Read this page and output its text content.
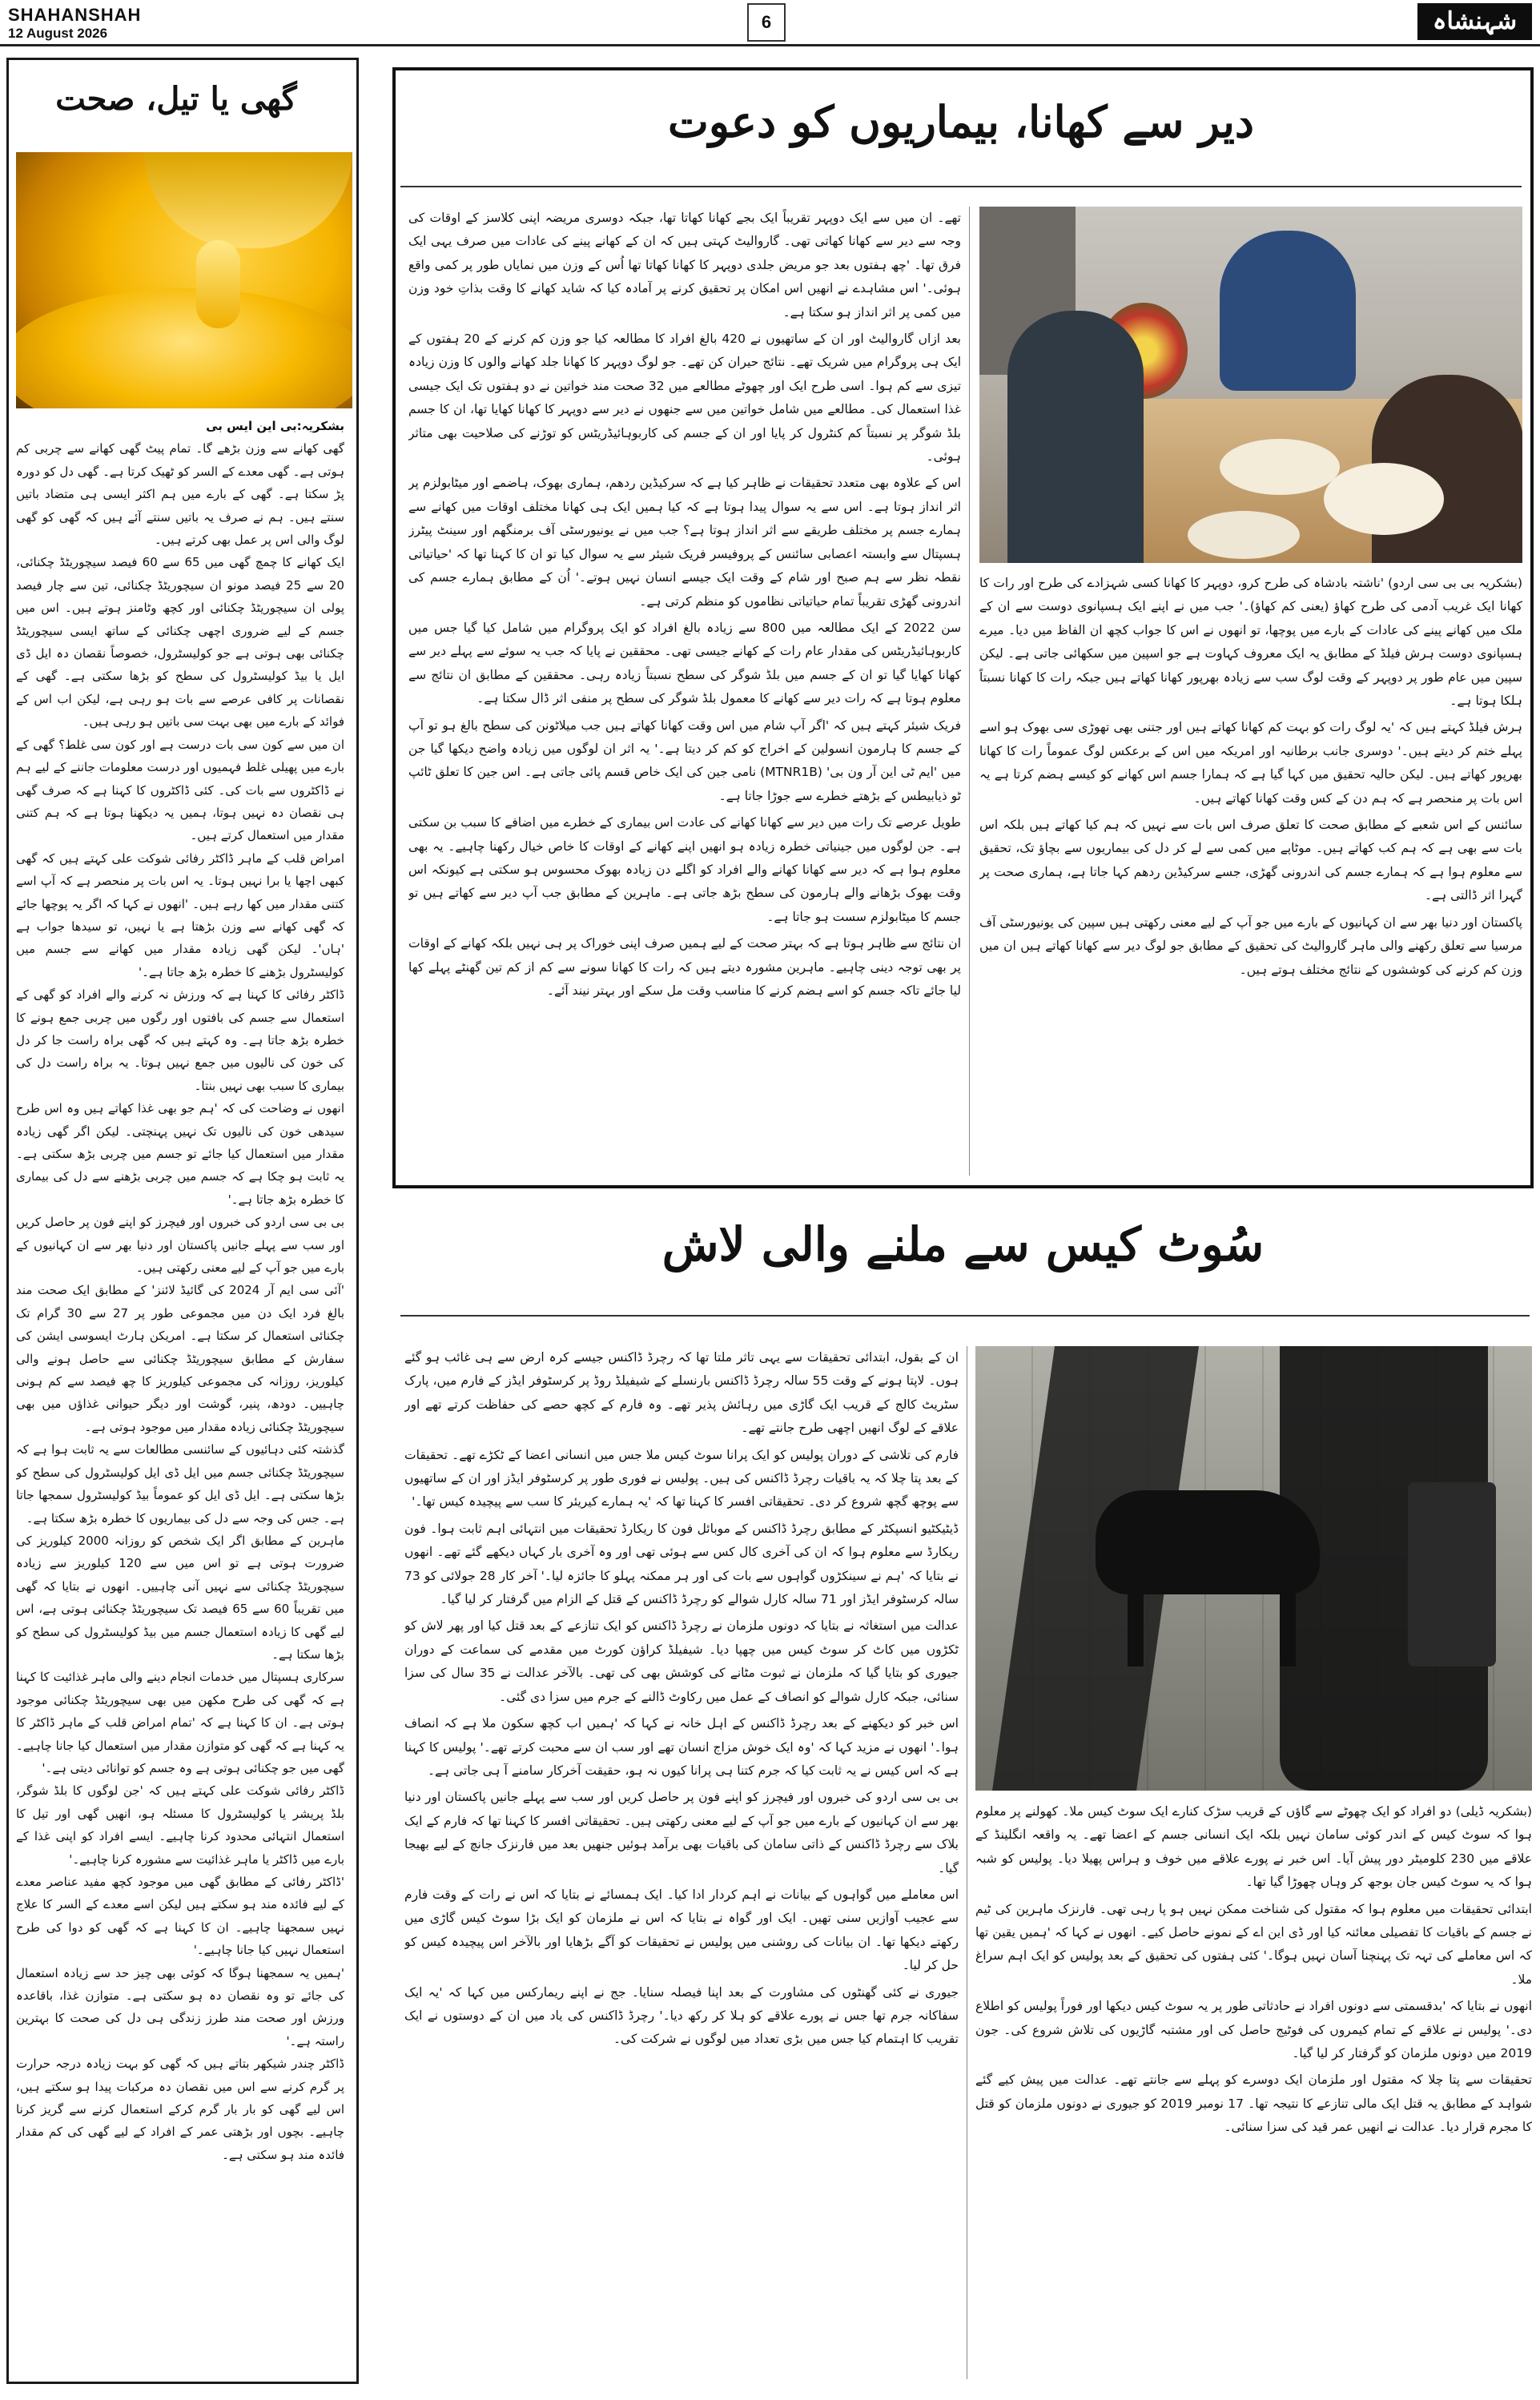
SHAHANSHAH
12 August 2026
6	شہنشاہ
گھی یا تیل، صحت

بشکریہ:بی این ایس بی

گھی کھانے سے وزن بڑھے گا۔ تمام پیٹ گھی کھانے سے چربی کم ہوتی ہے۔ گھی معدے کے السر کو ٹھیک کرتا ہے۔ گھی دل کو دورہ پڑ سکتا ہے۔ گھی کے بارے میں ہم اکثر ایسی ہی متضاد باتیں سنتے ہیں۔ ہم نے صرف یہ باتیں سنتے آئے ہیں کہ گھی کو گھی لوگ والی اس پر عمل بھی کرتے ہیں۔

ایک کھانے کا چمچ گھی میں 65 سے 60 فیصد سیچوریٹڈ چکنائی، 20 سے 25 فیصد مونو ان سیچوریٹڈ چکنائی، تین سے چار فیصد پولی ان سیچوریٹڈ چکنائی اور کچھ وٹامنز ہوتے ہیں۔ اس میں جسم کے لیے ضروری اچھی چکنائی کے ساتھ ایسی سیچوریٹڈ چکنائی بھی ہوتی ہے جو کولیسٹرول، خصوصاً نقصان دہ ایل ڈی ایل یا بیڈ کولیسٹرول کی سطح کو بڑھا سکتی ہے۔ گھی کے نقصانات پر کافی عرصے سے بات ہو رہی ہے، لیکن اب اس کے فوائد کے بارے میں بھی بہت سی باتیں ہو رہی ہیں۔

ان میں سے کون سی بات درست ہے اور کون سی غلط؟ گھی کے بارے میں پھیلی غلط فہمیوں اور درست معلومات جاننے کے لیے ہم نے ڈاکٹروں سے بات کی۔ کئی ڈاکٹروں کا کہنا ہے کہ صرف گھی ہی نقصان دہ نہیں ہوتا، ہمیں یہ دیکھنا ہوتا ہے کہ ہم کتنی مقدار میں استعمال کرتے ہیں۔

امراض قلب کے ماہر ڈاکٹر رفائی شوکت علی کہتے ہیں کہ گھی کبھی اچھا یا برا نہیں ہوتا۔ یہ اس بات پر منحصر ہے کہ آپ اسے کتنی مقدار میں کھا رہے ہیں۔ 'انھوں نے کہا کہ اگر یہ پوچھا جائے کہ گھی کھانے سے وزن بڑھتا ہے یا نہیں، تو سیدھا جواب ہے 'ہاں'۔ لیکن گھی زیادہ مقدار میں کھانے سے جسم میں کولیسٹرول بڑھنے کا خطرہ بڑھ جاتا ہے۔'

ڈاکٹر رفائی کا کہنا ہے کہ ورزش نہ کرنے والے افراد کو گھی کے استعمال سے جسم کی بافتوں اور رگوں میں چربی جمع ہونے کا خطرہ بڑھ جاتا ہے۔ وہ کہتے ہیں کہ گھی براہ راست جا کر دل کی خون کی نالیوں میں جمع نہیں ہوتا۔ یہ براہ راست دل کی بیماری کا سبب بھی نہیں بنتا۔

انھوں نے وضاحت کی کہ 'ہم جو بھی غذا کھاتے ہیں وہ اس طرح سیدھی خون کی نالیوں تک نہیں پہنچتی۔ لیکن اگر گھی زیادہ مقدار میں استعمال کیا جائے تو جسم میں چربی بڑھ سکتی ہے۔ یہ ثابت ہو چکا ہے کہ جسم میں چربی بڑھنے سے دل کی بیماری کا خطرہ بڑھ جاتا ہے۔'

بی بی سی اردو کی خبروں اور فیچرز کو اپنے فون پر حاصل کریں اور سب سے پہلے جانیں پاکستان اور دنیا بھر سے ان کہانیوں کے بارے میں جو آپ کے لیے معنی رکھتی ہیں۔

'آئی سی ایم آر 2024 کی گائیڈ لائنز' کے مطابق ایک صحت مند بالغ فرد ایک دن میں مجموعی طور پر 27 سے 30 گرام تک چکنائی استعمال کر سکتا ہے۔ امریکن ہارٹ ایسوسی ایشن کی سفارش کے مطابق سیچوریٹڈ چکنائی سے حاصل ہونے والی کیلوریز، روزانہ کی مجموعی کیلوریز کا چھ فیصد سے کم ہونی چاہییں۔ دودھ، پنیر، گوشت اور دیگر حیوانی غذاؤں میں بھی سیچوریٹڈ چکنائی زیادہ مقدار میں موجود ہوتی ہے۔

گذشتہ کئی دہائیوں کے سائنسی مطالعات سے یہ ثابت ہوا ہے کہ سیچوریٹڈ چکنائی جسم میں ایل ڈی ایل کولیسٹرول کی سطح کو بڑھا سکتی ہے۔ ایل ڈی ایل کو عموماً بیڈ کولیسٹرول سمجھا جاتا ہے۔ جس کی وجہ سے دل کی بیماریوں کا خطرہ بڑھ سکتا ہے۔

ماہرین کے مطابق اگر ایک شخص کو روزانہ 2000 کیلوریز کی ضرورت ہوتی ہے تو اس میں سے 120 کیلوریز سے زیادہ سیچوریٹڈ چکنائی سے نہیں آنی چاہییں۔ انھوں نے بتایا کہ گھی میں تقریباً 60 سے 65 فیصد تک سیچوریٹڈ چکنائی ہوتی ہے، اس لیے گھی کا زیادہ استعمال جسم میں بیڈ کولیسٹرول کی سطح کو بڑھا سکتا ہے۔

سرکاری ہسپتال میں خدمات انجام دینے والی ماہر غذائیت کا کہنا ہے کہ گھی کی طرح مکھن میں بھی سیچوریٹڈ چکنائی موجود ہوتی ہے۔ ان کا کہنا ہے کہ 'تمام امراض قلب کے ماہر ڈاکٹر کا یہ کہنا ہے کہ گھی کو متوازن مقدار میں استعمال کیا جانا چاہیے۔ گھی میں جو چکنائی ہوتی ہے وہ جسم کو توانائی دیتی ہے۔'

ڈاکٹر رفائی شوکت علی کہتے ہیں کہ 'جن لوگوں کا بلڈ شوگر، بلڈ پریشر یا کولیسٹرول کا مسئلہ ہو، انھیں گھی اور تیل کا استعمال انتہائی محدود کرنا چاہیے۔ ایسے افراد کو اپنی غذا کے بارے میں ڈاکٹر یا ماہر غذائیت سے مشورہ کرنا چاہیے۔'

'ڈاکٹر رفائی کے مطابق گھی میں موجود کچھ مفید عناصر معدے کے لیے فائدہ مند ہو سکتے ہیں لیکن اسے معدے کے السر کا علاج نہیں سمجھنا چاہیے۔ ان کا کہنا ہے کہ گھی کو دوا کی طرح استعمال نہیں کیا جانا چاہیے۔'

'ہمیں یہ سمجھنا ہوگا کہ کوئی بھی چیز حد سے زیادہ استعمال کی جائے تو وہ نقصان دہ ہو سکتی ہے۔ متوازن غذا، باقاعدہ ورزش اور صحت مند طرز زندگی ہی دل کی صحت کا بہترین راستہ ہے۔'

ڈاکٹر چندر شیکھر بتاتے ہیں کہ گھی کو بہت زیادہ درجہ حرارت پر گرم کرنے سے اس میں نقصان دہ مرکبات پیدا ہو سکتے ہیں، اس لیے گھی کو بار بار گرم کرکے استعمال کرنے سے گریز کرنا چاہیے۔ بچوں اور بڑھتی عمر کے افراد کے لیے گھی کی کم مقدار فائدہ مند ہو سکتی ہے۔

دیر سے کھانا، بیماریوں کو دعوت

(بشکریہ بی بی سی اردو) 'ناشتہ بادشاہ کی طرح کرو، دوپہر کا کھانا کسی شہزادے کی طرح اور رات کا کھانا ایک غریب آدمی کی طرح کھاؤ (یعنی کم کھاؤ)۔' جب میں نے اپنے ایک ہسپانوی دوست سے ان کے ملک میں کھانے پینے کی عادات کے بارے میں پوچھا، تو انھوں نے اس کا جواب کچھ ان الفاظ میں دیا۔ میرے ہسپانوی دوست ہرش فیلڈ کے مطابق یہ ایک معروف کہاوت ہے جو اسپین میں سکھائی جاتی ہے۔ لیکن سپین میں عام طور پر دوپہر کے وقت لوگ سب سے زیادہ بھرپور کھانا کھاتے ہیں جبکہ رات کا کھانا نسبتاً ہلکا ہوتا ہے۔

ہرش فیلڈ کہتے ہیں کہ 'یہ لوگ رات کو بہت کم کھانا کھاتے ہیں اور جتنی بھی تھوڑی سی بھوک ہو اسے پہلے ختم کر دیتے ہیں۔' دوسری جانب برطانیہ اور امریکہ میں اس کے برعکس لوگ عموماً رات کا کھانا بھرپور کھاتے ہیں۔ لیکن حالیہ تحقیق میں کہا گیا ہے کہ ہمارا جسم اس کھانے کو کیسے ہضم کرتا ہے یہ اس بات پر منحصر ہے کہ ہم دن کے کس وقت کھانا کھاتے ہیں۔

سائنس کے اس شعبے کے مطابق صحت کا تعلق صرف اس بات سے نہیں کہ ہم کیا کھاتے ہیں بلکہ اس بات سے بھی ہے کہ ہم کب کھاتے ہیں۔ موٹاپے میں کمی سے لے کر دل کی بیماریوں سے بچاؤ تک، تحقیق سے معلوم ہوا ہے کہ ہمارے جسم کی اندرونی گھڑی، جسے سرکیڈین ردھم کہا جاتا ہے، ہماری صحت پر گہرا اثر ڈالتی ہے۔

پاکستان اور دنیا بھر سے ان کہانیوں کے بارے میں جو آپ کے لیے معنی رکھتی ہیں سپین کی یونیورسٹی آف مرسیا سے تعلق رکھنے والی ماہر گاروالیٹ کی تحقیق کے مطابق جو لوگ دیر سے کھانا کھاتے ہیں ان میں وزن کم کرنے کی کوششوں کے نتائج مختلف ہوتے ہیں۔

تھے۔ ان میں سے ایک دوپہر تقریباً ایک بجے کھانا کھاتا تھا، جبکہ دوسری مریضہ اپنی کلاسز کے اوقات کی وجہ سے دیر سے کھانا کھاتی تھی۔ گاروالیٹ کہتی ہیں کہ ان کے کھانے پینے کی عادات میں صرف یہی ایک فرق تھا۔ 'چھ ہفتوں بعد جو مریض جلدی دوپہر کا کھانا کھاتا تھا اُس کے وزن میں نمایاں طور پر کمی واقع ہوئی۔' اس مشاہدے نے انھیں اس امکان پر تحقیق کرنے پر آمادہ کیا کہ شاید کھانے کا وقت بذاتِ خود وزن میں کمی پر اثر انداز ہو سکتا ہے۔

بعد ازاں گاروالیٹ اور ان کے ساتھیوں نے 420 بالغ افراد کا مطالعہ کیا جو وزن کم کرنے کے 20 ہفتوں کے ایک ہی پروگرام میں شریک تھے۔ نتائج حیران کن تھے۔ جو لوگ دوپہر کا کھانا جلد کھانے والوں کا وزن زیادہ تیزی سے کم ہوا۔ اسی طرح ایک اور چھوٹے مطالعے میں 32 صحت مند خواتین نے دو ہفتوں تک ایک جیسی غذا استعمال کی۔ مطالعے میں شامل خواتین میں سے جنھوں نے دیر سے دوپہر کا کھانا کھایا تھا، ان کا جسم بلڈ شوگر پر نسبتاً کم کنٹرول کر پایا اور ان کے جسم کی کاربوہائیڈریٹس کو توڑنے کی صلاحیت بھی متاثر ہوئی۔

اس کے علاوہ بھی متعدد تحقیقات نے ظاہر کیا ہے کہ سرکیڈین ردھم، ہماری بھوک، ہاضمے اور میٹابولزم پر اثر انداز ہوتا ہے۔ اس سے یہ سوال پیدا ہوتا ہے کہ کیا ہمیں ایک ہی کھانا مختلف اوقات میں کھانے سے ہمارے جسم پر مختلف طریقے سے اثر انداز ہوتا ہے؟ جب میں نے یونیورسٹی آف برمنگھم اور سینٹ پیٹرز ہسپتال سے وابستہ اعصابی سائنس کے پروفیسر فریک شیئر سے یہ سوال کیا تو ان کا کہنا تھا کہ 'حیاتیاتی نقطہ نظر سے ہم صبح اور شام کے وقت ایک جیسے انسان نہیں ہوتے۔' اُن کے مطابق ہمارے جسم کی اندرونی گھڑی تقریباً تمام حیاتیاتی نظاموں کو منظم کرتی ہے۔

سن 2022 کے ایک مطالعہ میں 800 سے زیادہ بالغ افراد کو ایک پروگرام میں شامل کیا گیا جس میں کاربوہائیڈریٹس کی مقدار عام رات کے کھانے جیسی تھی۔ محققین نے پایا کہ جب یہ سوئے سے پہلے دیر سے کھانا کھایا گیا تو ان کے جسم میں بلڈ شوگر کی سطح نسبتاً زیادہ رہی۔ محققین کے مطابق ان نتائج سے معلوم ہوتا ہے کہ رات دیر سے کھانے کا معمول بلڈ شوگر کی سطح پر منفی اثر ڈال سکتا ہے۔

فریک شیئر کہتے ہیں کہ 'اگر آپ شام میں اس وقت کھانا کھاتے ہیں جب میلاٹونن کی سطح بالغ ہو تو آپ کے جسم کا ہارمون انسولین کے اخراج کو کم کر دیتا ہے۔' یہ اثر ان لوگوں میں زیادہ واضح دیکھا گیا جن میں 'ایم ٹی این آر ون بی' (MTNR1B) نامی جین کی ایک خاص قسم پائی جاتی ہے۔ اس جین کا تعلق ٹائپ ٹو ذیابیطس کے بڑھتے خطرے سے جوڑا جاتا ہے۔

طویل عرصے تک رات میں دیر سے کھانا کھانے کی عادت اس بیماری کے خطرے میں اضافے کا سبب بن سکتی ہے۔ جن لوگوں میں جینیاتی خطرہ زیادہ ہو انھیں اپنے کھانے کے اوقات کا خاص خیال رکھنا چاہیے۔ یہ بھی معلوم ہوا ہے کہ دیر سے کھانا کھانے والے افراد کو اگلے دن زیادہ بھوک محسوس ہو سکتی ہے کیونکہ اس وقت بھوک بڑھانے والے ہارمون کی سطح بڑھ جاتی ہے۔ ماہرین کے مطابق جب آپ دیر سے کھاتے ہیں تو جسم کا میٹابولزم سست ہو جاتا ہے۔

ان نتائج سے ظاہر ہوتا ہے کہ بہتر صحت کے لیے ہمیں صرف اپنی خوراک پر ہی نہیں بلکہ کھانے کے اوقات پر بھی توجہ دینی چاہیے۔ ماہرین مشورہ دیتے ہیں کہ رات کا کھانا سونے سے کم از کم تین گھنٹے پہلے کھا لیا جائے تاکہ جسم کو اسے ہضم کرنے کا مناسب وقت مل سکے اور بہتر نیند آئے۔

سُوٹ کیس سے ملنے والی لاش

(بشکریہ ڈیلی) دو افراد کو ایک چھوٹے سے گاؤں کے قریب سڑک کنارے ایک سوٹ کیس ملا۔ کھولنے پر معلوم ہوا کہ سوٹ کیس کے اندر کوئی سامان نہیں بلکہ ایک انسانی جسم کے اعضا تھے۔ یہ واقعہ انگلینڈ کے علاقے میں 230 کلومیٹر دور پیش آیا۔ اس خبر نے پورے علاقے میں خوف و ہراس پھیلا دیا۔ پولیس کو شبہ ہوا کہ یہ سوٹ کیس جان بوجھ کر وہاں چھوڑا گیا تھا۔

ابتدائی تحقیقات میں معلوم ہوا کہ مقتول کی شناخت ممکن نہیں ہو پا رہی تھی۔ فارنزک ماہرین کی ٹیم نے جسم کے باقیات کا تفصیلی معائنہ کیا اور ڈی این اے کے نمونے حاصل کیے۔ انھوں نے کہا کہ 'ہمیں یقین تھا کہ اس معاملے کی تہہ تک پہنچنا آسان نہیں ہوگا۔' کئی ہفتوں کی تحقیق کے بعد پولیس کو ایک اہم سراغ ملا۔

انھوں نے بتایا کہ 'بدقسمتی سے دونوں افراد نے حادثاتی طور پر یہ سوٹ کیس دیکھا اور فوراً پولیس کو اطلاع دی۔' پولیس نے علاقے کے تمام کیمروں کی فوٹیج حاصل کی اور مشتبہ گاڑیوں کی تلاش شروع کی۔ جون 2019 میں دونوں ملزمان کو گرفتار کر لیا گیا۔

تحقیقات سے پتا چلا کہ مقتول اور ملزمان ایک دوسرے کو پہلے سے جانتے تھے۔ عدالت میں پیش کیے گئے شواہد کے مطابق یہ قتل ایک مالی تنازعے کا نتیجہ تھا۔ 17 نومبر 2019 کو جیوری نے دونوں ملزمان کو قتل کا مجرم قرار دیا۔ عدالت نے انھیں عمر قید کی سزا سنائی۔

ان کے بقول، ابتدائی تحقیقات سے یہی تاثر ملتا تھا کہ رچرڈ ڈاکنس جیسے کرہ ارض سے ہی غائب ہو گئے ہوں۔ لاپتا ہونے کے وقت 55 سالہ رچرڈ ڈاکنس بارنسلے کے شیفیلڈ روڈ پر کرسٹوفر ایڈز کے فارم میں، پارک سٹریٹ کالج کے قریب ایک گاڑی میں رہائش پذیر تھے۔ وہ فارم کے کچھ حصے کی حفاظت کرتے تھے اور علاقے کے لوگ انھیں اچھی طرح جانتے تھے۔

فارم کی تلاشی کے دوران پولیس کو ایک پرانا سوٹ کیس ملا جس میں انسانی اعضا کے ٹکڑے تھے۔ تحقیقات کے بعد پتا چلا کہ یہ باقیات رچرڈ ڈاکنس کی ہیں۔ پولیس نے فوری طور پر کرسٹوفر ایڈز اور ان کے ساتھیوں سے پوچھ گچھ شروع کر دی۔ تحقیقاتی افسر کا کہنا تھا کہ 'یہ ہمارے کیریئر کا سب سے پیچیدہ کیس تھا۔'

ڈیٹیکٹیو انسپکٹر کے مطابق رچرڈ ڈاکنس کے موبائل فون کا ریکارڈ تحقیقات میں انتہائی اہم ثابت ہوا۔ فون ریکارڈ سے معلوم ہوا کہ ان کی آخری کال کس سے ہوئی تھی اور وہ آخری بار کہاں دیکھے گئے تھے۔ انھوں نے بتایا کہ 'ہم نے سینکڑوں گواہوں سے بات کی اور ہر ممکنہ پہلو کا جائزہ لیا۔' آخر کار 28 جولائی کو 73 سالہ کرسٹوفر ایڈز اور 71 سالہ کارل شوالے کو رچرڈ ڈاکنس کے قتل کے الزام میں گرفتار کر لیا گیا۔

عدالت میں استغاثہ نے بتایا کہ دونوں ملزمان نے رچرڈ ڈاکنس کو ایک تنازعے کے بعد قتل کیا اور پھر لاش کو ٹکڑوں میں کاٹ کر سوٹ کیس میں چھپا دیا۔ شیفیلڈ کراؤن کورٹ میں مقدمے کی سماعت کے دوران جیوری کو بتایا گیا کہ ملزمان نے ثبوت مٹانے کی کوشش بھی کی تھی۔ بالآخر عدالت نے 35 سال کی سزا سنائی، جبکہ کارل شوالے کو انصاف کے عمل میں رکاوٹ ڈالنے کے جرم میں سزا دی گئی۔

اس خبر کو دیکھنے کے بعد رچرڈ ڈاکنس کے اہل خانہ نے کہا کہ 'ہمیں اب کچھ سکون ملا ہے کہ انصاف ہوا۔' انھوں نے مزید کہا کہ 'وہ ایک خوش مزاج انسان تھے اور سب ان سے محبت کرتے تھے۔' پولیس کا کہنا ہے کہ اس کیس نے یہ ثابت کیا کہ جرم کتنا ہی پرانا کیوں نہ ہو، حقیقت آخرکار سامنے آ ہی جاتی ہے۔

بی بی سی اردو کی خبروں اور فیچرز کو اپنے فون پر حاصل کریں اور سب سے پہلے جانیں پاکستان اور دنیا بھر سے ان کہانیوں کے بارے میں جو آپ کے لیے معنی رکھتی ہیں۔ تحقیقاتی افسر کا کہنا تھا کہ فارم کے ایک بلاک سے رچرڈ ڈاکنس کے ذاتی سامان کی باقیات بھی برآمد ہوئیں جنھیں بعد میں فارنزک جانچ کے لیے بھیجا گیا۔

اس معاملے میں گواہوں کے بیانات نے اہم کردار ادا کیا۔ ایک ہمسائے نے بتایا کہ اس نے رات کے وقت فارم سے عجیب آوازیں سنی تھیں۔ ایک اور گواہ نے بتایا کہ اس نے ملزمان کو ایک بڑا سوٹ کیس گاڑی میں رکھتے دیکھا تھا۔ ان بیانات کی روشنی میں پولیس نے تحقیقات کو آگے بڑھایا اور بالآخر اس پیچیدہ کیس کو حل کر لیا۔

جیوری نے کئی گھنٹوں کی مشاورت کے بعد اپنا فیصلہ سنایا۔ جج نے اپنے ریمارکس میں کہا کہ 'یہ ایک سفاکانہ جرم تھا جس نے پورے علاقے کو ہلا کر رکھ دیا۔' رچرڈ ڈاکنس کی یاد میں ان کے دوستوں نے ایک تقریب کا اہتمام کیا جس میں بڑی تعداد میں لوگوں نے شرکت کی۔
